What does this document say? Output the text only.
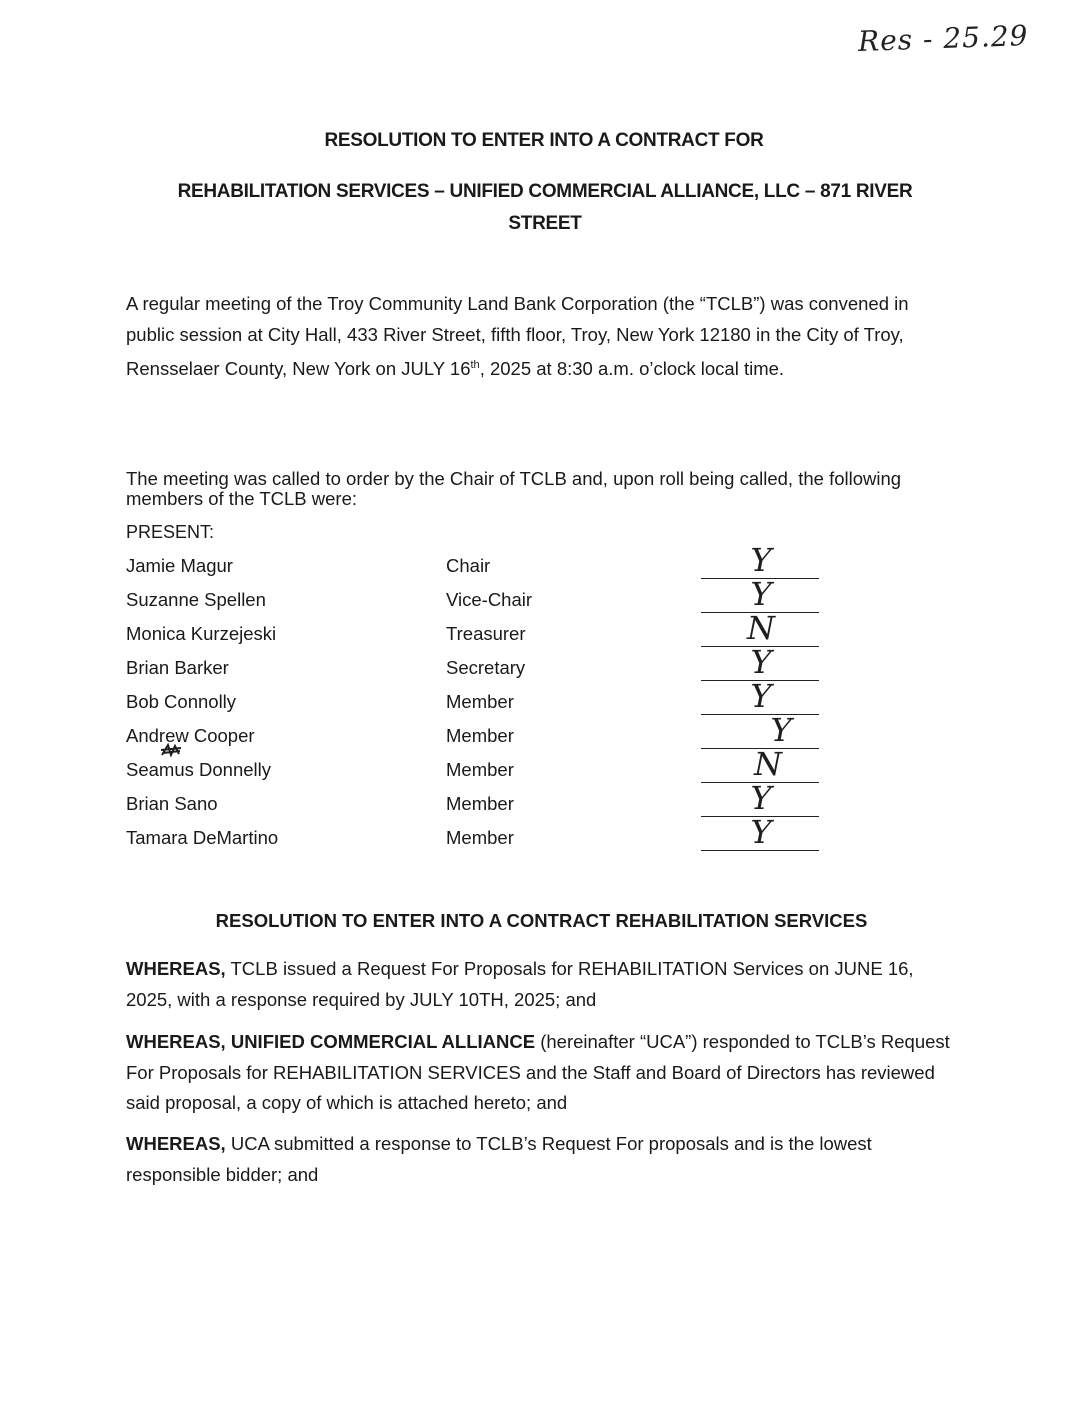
Res - 25.29
RESOLUTION TO ENTER INTO A CONTRACT FOR
REHABILITATION SERVICES – UNIFIED COMMERCIAL ALLIANCE, LLC – 871 RIVER STREET
A regular meeting of the Troy Community Land Bank Corporation (the “TCLB”) was convened in public session at City Hall, 433 River Street, fifth floor, Troy, New York 12180 in the City of Troy, Rensselaer County, New York on JULY 16th, 2025 at 8:30 a.m. o’clock local time.
The meeting was called to order by the Chair of TCLB and, upon roll being called, the following members of the TCLB were:
PRESENT:
Jamie Magur	Chair	Y
Suzanne Spellen	Vice-Chair	Y
Monica Kurzejeski	Treasurer	N
Brian Barker	Secretary	Y
Bob Connolly	Member	Y
Andrew Cooper	Member	Y
Seamus Donnelly	Member	N
Brian Sano	Member	Y
Tamara DeMartino	Member	Y
RESOLUTION TO ENTER INTO A CONTRACT REHABILITATION SERVICES
WHEREAS, TCLB issued a Request For Proposals for REHABILITATION Services on JUNE 16, 2025, with a response required by JULY 10TH, 2025; and
WHEREAS, UNIFIED COMMERCIAL ALLIANCE (hereinafter “UCA”) responded to TCLB’s Request For Proposals for REHABILITATION SERVICES and the Staff and Board of Directors has reviewed said proposal, a copy of which is attached hereto; and
WHEREAS, UCA submitted a response to TCLB’s Request For proposals and is the lowest responsible bidder; and
